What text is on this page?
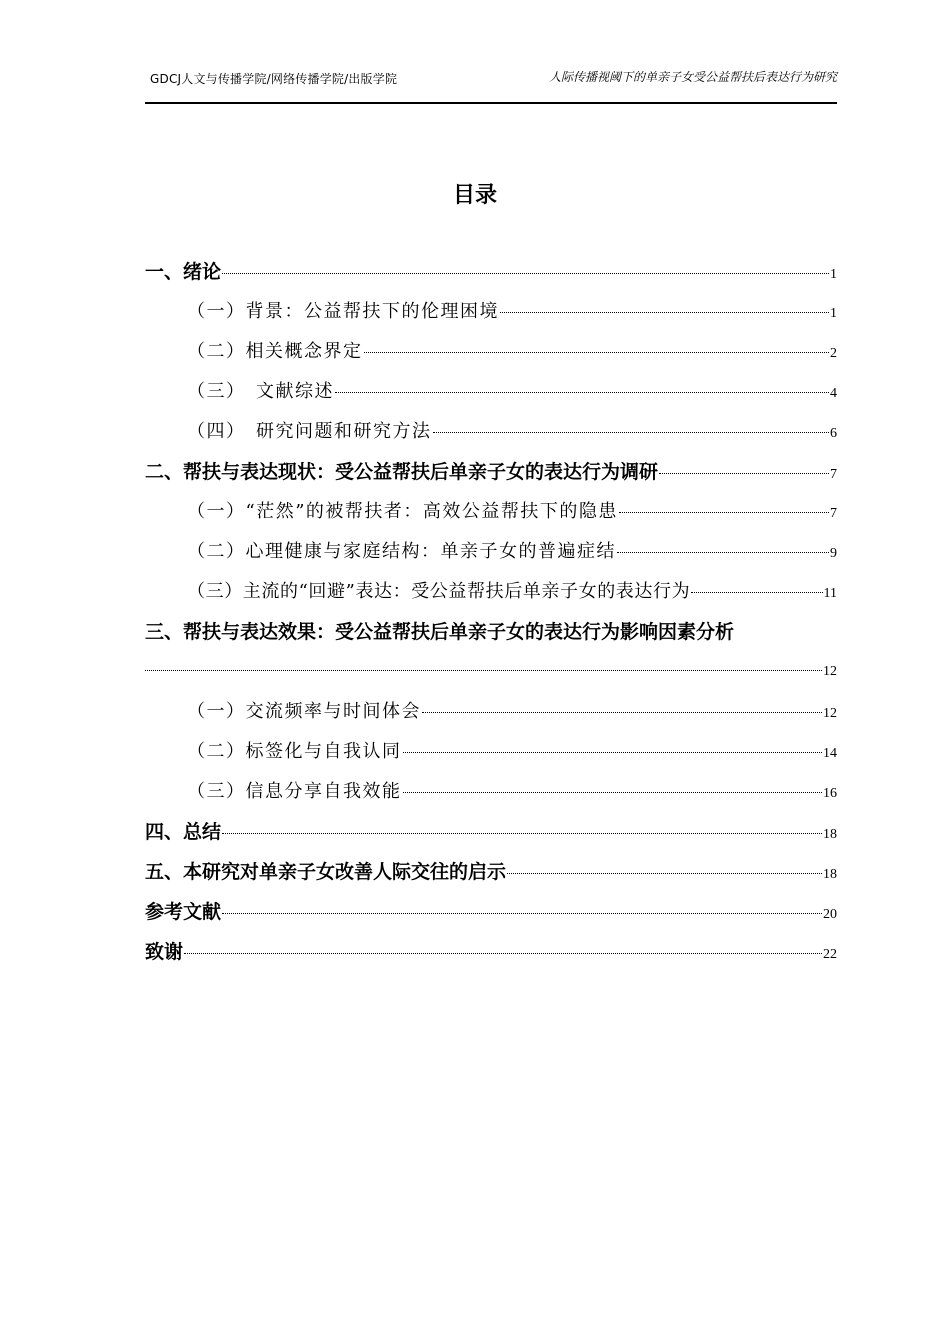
GDCJ人文与传播学院/网络传播学院/出版学院	人际传播视阈下的单亲子女受公益帮扶后表达行为研究
目录
一、绪论	1
（一）背景：公益帮扶下的伦理困境	1
（二）相关概念界定	2
（三）　文献综述	4
（四）　研究问题和研究方法	6
二、帮扶与表达现状：受公益帮扶后单亲子女的表达行为调研	7
（一）“茫然”的被帮扶者：高效公益帮扶下的隐患	7
（二）心理健康与家庭结构：单亲子女的普遍症结	9
（三）主流的“回避”表达：受公益帮扶后单亲子女的表达行为	11
三、帮扶与表达效果：受公益帮扶后单亲子女的表达行为影响因素分析
12
（一）交流频率与时间体会	12
（二）标签化与自我认同	14
（三）信息分享自我效能	16
四、总结	18
五、本研究对单亲子女改善人际交往的启示	18
参考文献	20
致谢	22
